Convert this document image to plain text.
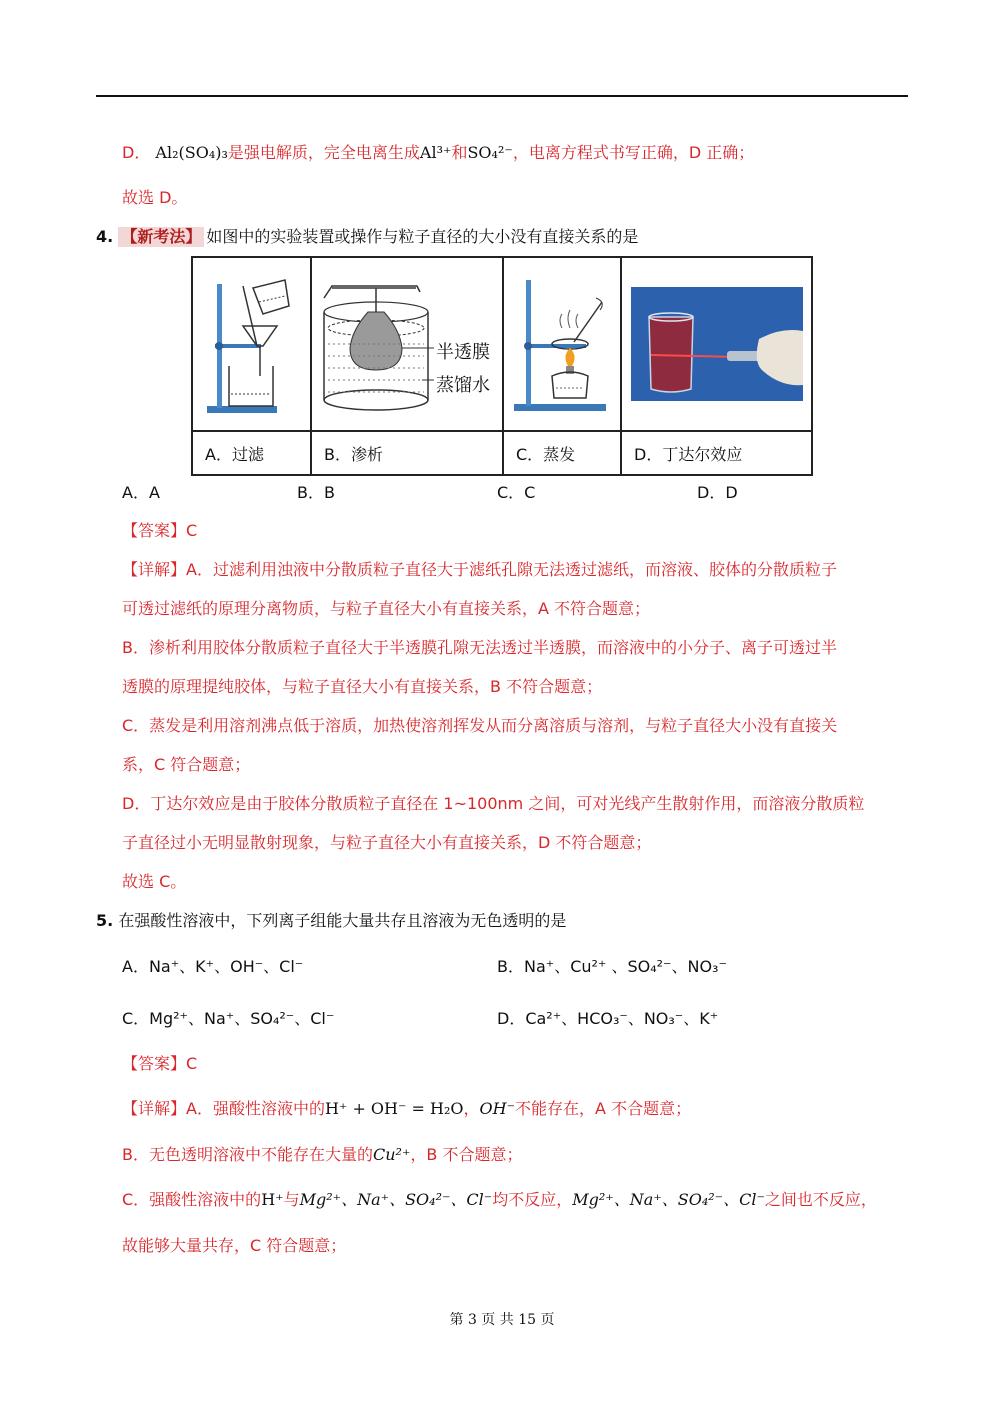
D． Al₂(SO₄)₃是强电解质，完全电离生成Al³⁺和SO₄²⁻，电离方程式书写正确，D 正确；
故选 D。
4. 【新考法】 如图中的实验装置或操作与粒子直径的大小没有直接关系的是

半透膜
蒸馏水

A．过滤	B．渗析	C．蒸发	D．丁达尔效应
A．A	B．B	C．C	D．D
【答案】C
【详解】A．过滤利用浊液中分散质粒子直径大于滤纸孔隙无法透过滤纸，而溶液、胶体的分散质粒子
可透过滤纸的原理分离物质，与粒子直径大小有直接关系，A 不符合题意；
B．渗析利用胶体分散质粒子直径大于半透膜孔隙无法透过半透膜，而溶液中的小分子、离子可透过半
透膜的原理提纯胶体，与粒子直径大小有直接关系，B 不符合题意；
C．蒸发是利用溶剂沸点低于溶质，加热使溶剂挥发从而分离溶质与溶剂，与粒子直径大小没有直接关
系，C 符合题意；
D．丁达尔效应是由于胶体分散质粒子直径在 1~100nm 之间，可对光线产生散射作用，而溶液分散质粒
子直径过小无明显散射现象，与粒子直径大小有直接关系，D 不符合题意；
故选 C。
5. 在强酸性溶液中，下列离子组能大量共存且溶液为无色透明的是
A．Na⁺、K⁺、OH⁻、Cl⁻	B．Na⁺、Cu²⁺ 、SO₄²⁻、NO₃⁻
C．Mg²⁺、Na⁺、SO₄²⁻、Cl⁻	D．Ca²⁺、HCO₃⁻、NO₃⁻、K⁺
【答案】C
【详解】A．强酸性溶液中的H⁺ + OH⁻ = H₂O，OH⁻不能存在，A 不合题意；
B．无色透明溶液中不能存在大量的Cu²⁺，B 不合题意；
C．强酸性溶液中的H⁺与Mg²⁺、Na⁺、SO₄²⁻、Cl⁻均不反应，Mg²⁺、Na⁺、SO₄²⁻、Cl⁻之间也不反应，
故能够大量共存，C 符合题意；
第 3 页 共 15 页
